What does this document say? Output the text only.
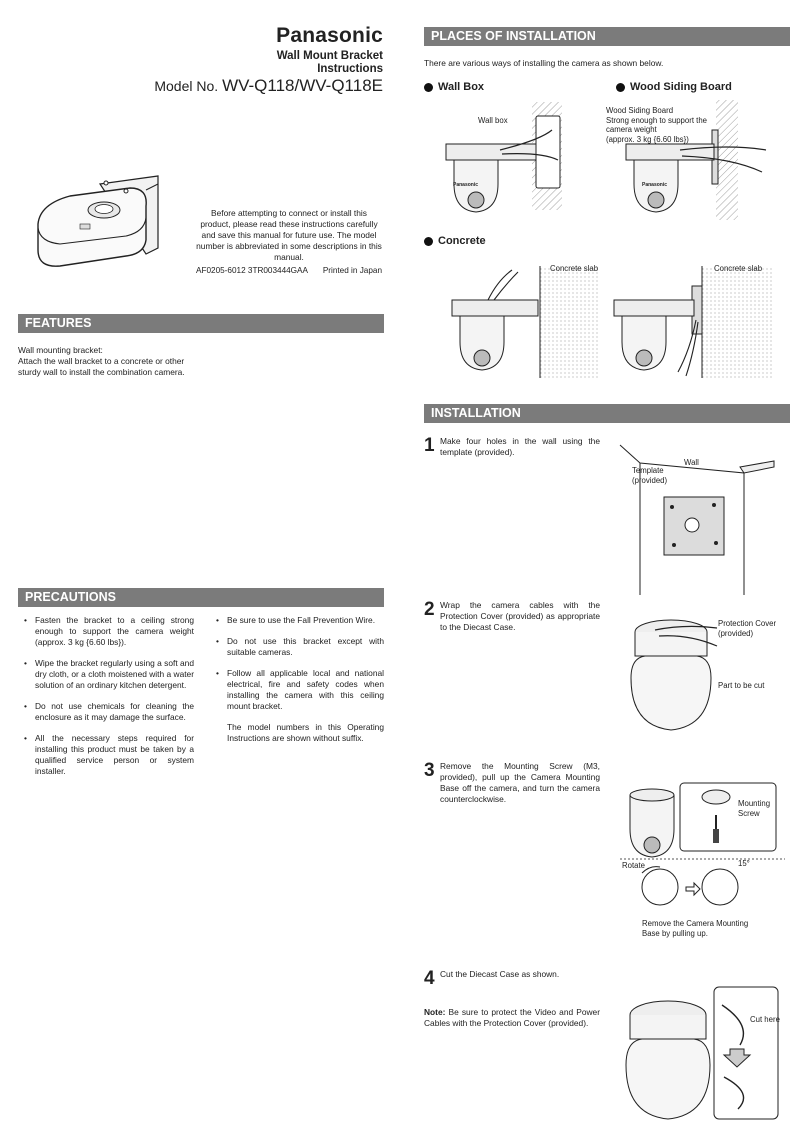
Panasonic
Wall Mount Bracket
Instructions
Model No. WV-Q118/WV-Q118E
Before attempting to connect or install this product, please read these instructions carefully and save this manual for future use. The model number is abbreviated in some descriptions in this manual.
AF0205-6012 3TR003444GAA Printed in Japan
FEATURES
Wall mounting bracket:
Attach the wall bracket to a concrete or other sturdy wall to install the combination camera.
PRECAUTIONS
• Fasten the bracket to a ceiling strong enough to support the camera weight (approx. 3 kg {6.60 lbs}).
• Wipe the bracket regularly using a soft and dry cloth, or a cloth moistened with a water solution of an ordinary kitchen detergent.
• Do not use chemicals for cleaning the enclosure as it may damage the surface.
• All the necessary steps required for installing this product must be taken by a qualified service person or system installer.
• Be sure to use the Fall Prevention Wire.
• Do not use this bracket except with suitable cameras.
• Follow all applicable local and national electrical, fire and safety codes when installing the camera with this ceiling mount bracket.
The model numbers in this Operating Instructions are shown without suffix.
PLACES OF INSTALLATION
There are various ways of installing the camera as shown below.
Wall Box	Wood Siding Board
Wall box
Panasonic
Wood Siding Board
Strong enough to support the
camera weight
(approx. 3 kg {6.60 lbs})
Panasonic
Concrete
Concrete slab	Concrete slab
INSTALLATION
1 Make four holes in the wall using the template (provided).
Wall
Template
(provided)
2 Wrap the camera cables with the Protection Cover (provided) as appropriate to the Diecast Case.	Protection Cover
(provided)
Part to be cut
3 Remove the Mounting Screw (M3, provided), pull up the Camera Mounting Base off the camera, and turn the camera counterclockwise.	Mounting
Screw
Rotate	15°
Remove the Camera Mounting
Base by pulling up.
4 Cut the Diecast Case as shown.
Note: Be sure to protect the Video and Power Cables with the Protection Cover (provided).	Cut here
